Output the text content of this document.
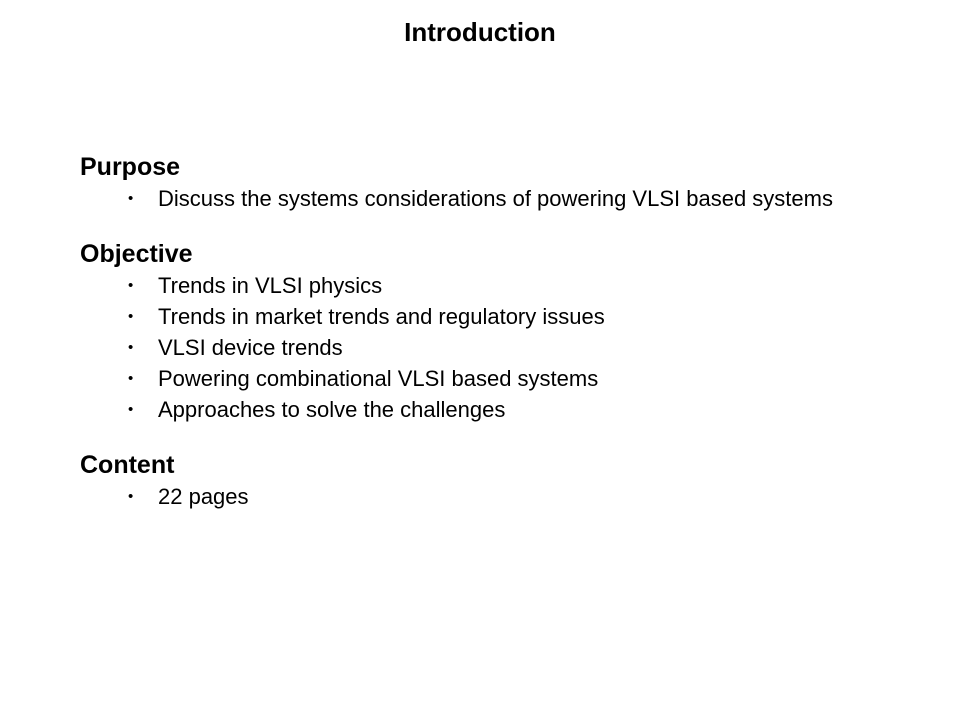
Introduction
Purpose
• Discuss the systems considerations of powering VLSI based systems
Objective
• Trends in VLSI physics
• Trends in market trends and regulatory issues
• VLSI device trends
• Powering combinational VLSI based systems
• Approaches to solve the challenges
Content
• 22 pages
